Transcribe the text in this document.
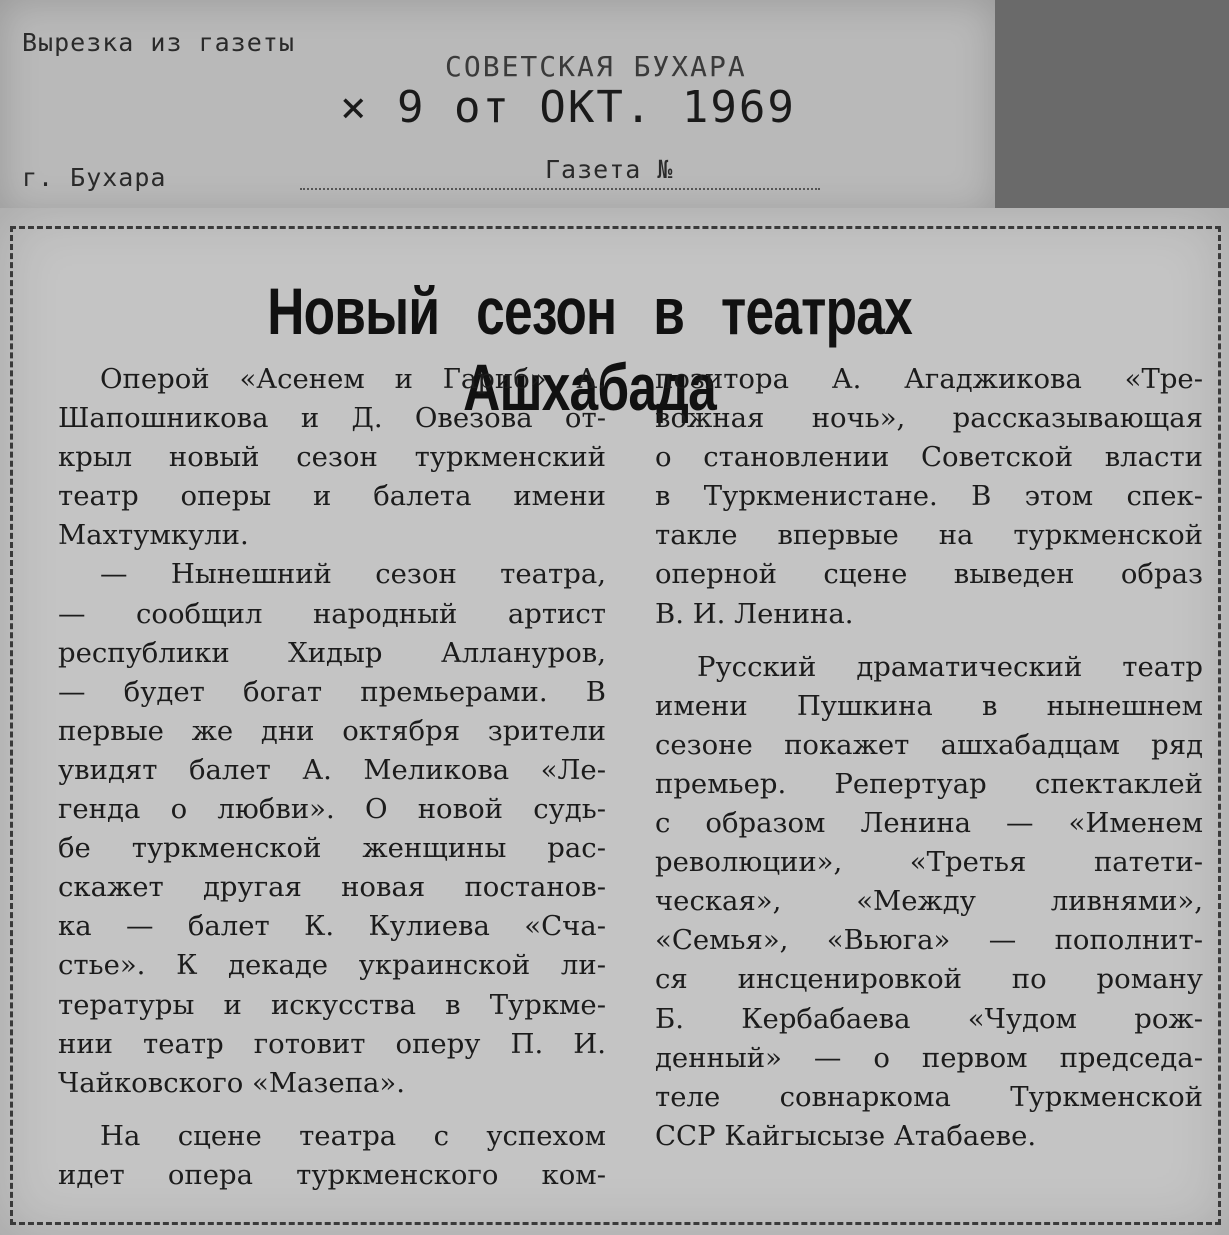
Вырезка из газеты
СОВЕТСКАЯ БУХАРА
× 9 от ОКТ. 1969
г. Бухара	Газета №
Новый сезон в театрах Ашхабада
Оперой «Асенем и Гариб» А.
Шапошникова и Д. Овезова от-
крыл новый сезон туркменский
театр оперы и балета имени
Махтумкули.
— Нынешний сезон театра,
— сообщил народный артист
республики Хидыр Аллануров,
— будет богат премьерами. В
первые же дни октября зрители
увидят балет А. Меликова «Ле-
генда о любви». О новой судь-
бе туркменской женщины рас-
скажет другая новая постанов-
ка — балет К. Кулиева «Сча-
стье». К декаде украинской ли-
тературы и искусства в Туркме-
нии театр готовит оперу П. И.
Чайковского «Мазепа».
На сцене театра с успехом
идет опера туркменского ком-
позитора А. Агаджикова «Тре-
вожная ночь», рассказывающая
о становлении Советской власти
в Туркменистане. В этом спек-
такле впервые на туркменской
оперной сцене выведен образ
В. И. Ленина.
Русский драматический театр
имени Пушкина в нынешнем
сезоне покажет ашхабадцам ряд
премьер. Репертуар спектаклей
с образом Ленина — «Именем
революции», «Третья патети-
ческая», «Между ливнями»,
«Семья», «Вьюга» — пополнит-
ся инсценировкой по роману
Б. Кербабаева «Чудом рож-
денный» — о первом председа-
теле совнаркома Туркменской
ССР Кайгысызе Атабаеве.
